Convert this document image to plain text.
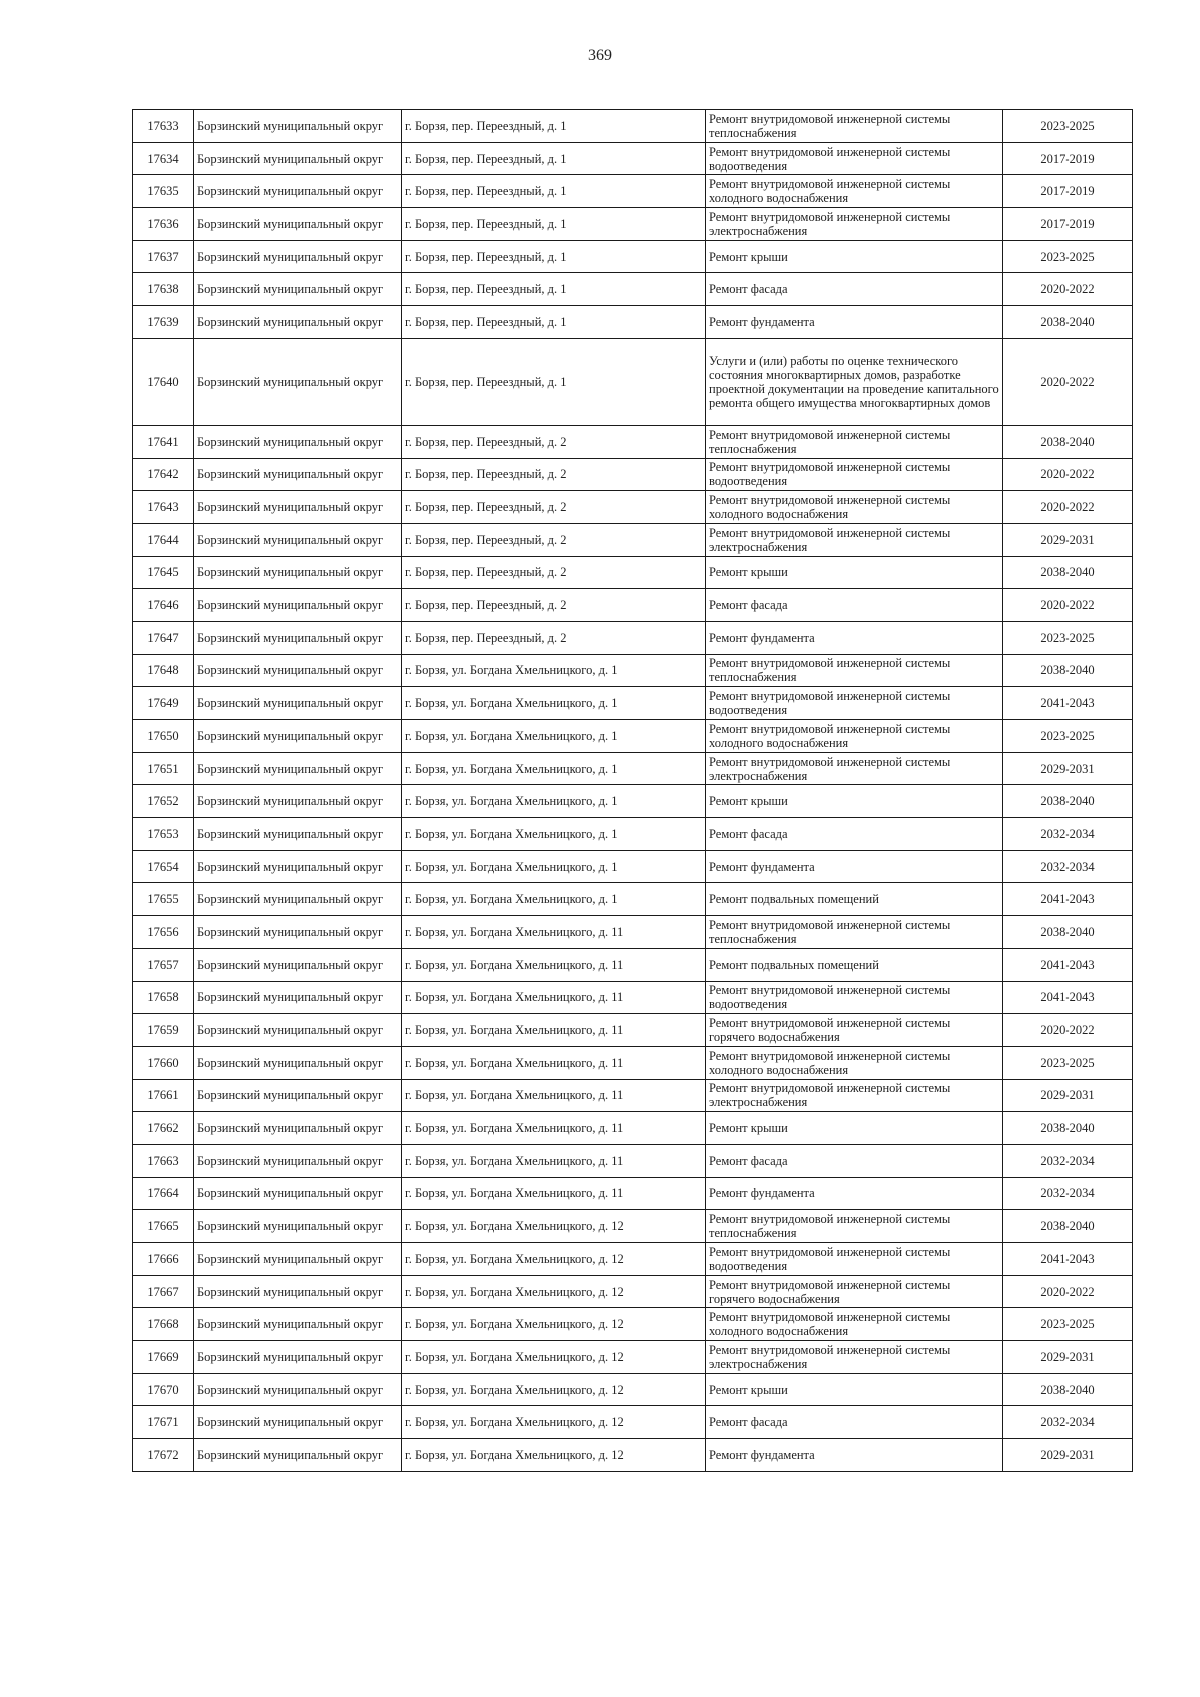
369
17633	Борзинский муниципальный округ	г. Борзя, пер. Переездный, д. 1	Ремонт внутридомовой инженерной системы теплоснабжения	2023-2025
17634	Борзинский муниципальный округ	г. Борзя, пер. Переездный, д. 1	Ремонт внутридомовой инженерной системы водоотведения	2017-2019
17635	Борзинский муниципальный округ	г. Борзя, пер. Переездный, д. 1	Ремонт внутридомовой инженерной системы холодного водоснабжения	2017-2019
17636	Борзинский муниципальный округ	г. Борзя, пер. Переездный, д. 1	Ремонт внутридомовой инженерной системы электроснабжения	2017-2019
17637	Борзинский муниципальный округ	г. Борзя, пер. Переездный, д. 1	Ремонт крыши	2023-2025
17638	Борзинский муниципальный округ	г. Борзя, пер. Переездный, д. 1	Ремонт фасада	2020-2022
17639	Борзинский муниципальный округ	г. Борзя, пер. Переездный, д. 1	Ремонт фундамента	2038-2040
17640	Борзинский муниципальный округ	г. Борзя, пер. Переездный, д. 1	Услуги и (или) работы по оценке технического состояния многоквартирных домов, разработке проектной документации на проведение капитального ремонта общего имущества многоквартирных домов	2020-2022
17641	Борзинский муниципальный округ	г. Борзя, пер. Переездный, д. 2	Ремонт внутридомовой инженерной системы теплоснабжения	2038-2040
17642	Борзинский муниципальный округ	г. Борзя, пер. Переездный, д. 2	Ремонт внутридомовой инженерной системы водоотведения	2020-2022
17643	Борзинский муниципальный округ	г. Борзя, пер. Переездный, д. 2	Ремонт внутридомовой инженерной системы холодного водоснабжения	2020-2022
17644	Борзинский муниципальный округ	г. Борзя, пер. Переездный, д. 2	Ремонт внутридомовой инженерной системы электроснабжения	2029-2031
17645	Борзинский муниципальный округ	г. Борзя, пер. Переездный, д. 2	Ремонт крыши	2038-2040
17646	Борзинский муниципальный округ	г. Борзя, пер. Переездный, д. 2	Ремонт фасада	2020-2022
17647	Борзинский муниципальный округ	г. Борзя, пер. Переездный, д. 2	Ремонт фундамента	2023-2025
17648	Борзинский муниципальный округ	г. Борзя, ул. Богдана Хмельницкого, д. 1	Ремонт внутридомовой инженерной системы теплоснабжения	2038-2040
17649	Борзинский муниципальный округ	г. Борзя, ул. Богдана Хмельницкого, д. 1	Ремонт внутридомовой инженерной системы водоотведения	2041-2043
17650	Борзинский муниципальный округ	г. Борзя, ул. Богдана Хмельницкого, д. 1	Ремонт внутридомовой инженерной системы холодного водоснабжения	2023-2025
17651	Борзинский муниципальный округ	г. Борзя, ул. Богдана Хмельницкого, д. 1	Ремонт внутридомовой инженерной системы электроснабжения	2029-2031
17652	Борзинский муниципальный округ	г. Борзя, ул. Богдана Хмельницкого, д. 1	Ремонт крыши	2038-2040
17653	Борзинский муниципальный округ	г. Борзя, ул. Богдана Хмельницкого, д. 1	Ремонт фасада	2032-2034
17654	Борзинский муниципальный округ	г. Борзя, ул. Богдана Хмельницкого, д. 1	Ремонт фундамента	2032-2034
17655	Борзинский муниципальный округ	г. Борзя, ул. Богдана Хмельницкого, д. 1	Ремонт подвальных помещений	2041-2043
17656	Борзинский муниципальный округ	г. Борзя, ул. Богдана Хмельницкого, д. 11	Ремонт внутридомовой инженерной системы теплоснабжения	2038-2040
17657	Борзинский муниципальный округ	г. Борзя, ул. Богдана Хмельницкого, д. 11	Ремонт подвальных помещений	2041-2043
17658	Борзинский муниципальный округ	г. Борзя, ул. Богдана Хмельницкого, д. 11	Ремонт внутридомовой инженерной системы водоотведения	2041-2043
17659	Борзинский муниципальный округ	г. Борзя, ул. Богдана Хмельницкого, д. 11	Ремонт внутридомовой инженерной системы горячего водоснабжения	2020-2022
17660	Борзинский муниципальный округ	г. Борзя, ул. Богдана Хмельницкого, д. 11	Ремонт внутридомовой инженерной системы холодного водоснабжения	2023-2025
17661	Борзинский муниципальный округ	г. Борзя, ул. Богдана Хмельницкого, д. 11	Ремонт внутридомовой инженерной системы электроснабжения	2029-2031
17662	Борзинский муниципальный округ	г. Борзя, ул. Богдана Хмельницкого, д. 11	Ремонт крыши	2038-2040
17663	Борзинский муниципальный округ	г. Борзя, ул. Богдана Хмельницкого, д. 11	Ремонт фасада	2032-2034
17664	Борзинский муниципальный округ	г. Борзя, ул. Богдана Хмельницкого, д. 11	Ремонт фундамента	2032-2034
17665	Борзинский муниципальный округ	г. Борзя, ул. Богдана Хмельницкого, д. 12	Ремонт внутридомовой инженерной системы теплоснабжения	2038-2040
17666	Борзинский муниципальный округ	г. Борзя, ул. Богдана Хмельницкого, д. 12	Ремонт внутридомовой инженерной системы водоотведения	2041-2043
17667	Борзинский муниципальный округ	г. Борзя, ул. Богдана Хмельницкого, д. 12	Ремонт внутридомовой инженерной системы горячего водоснабжения	2020-2022
17668	Борзинский муниципальный округ	г. Борзя, ул. Богдана Хмельницкого, д. 12	Ремонт внутридомовой инженерной системы холодного водоснабжения	2023-2025
17669	Борзинский муниципальный округ	г. Борзя, ул. Богдана Хмельницкого, д. 12	Ремонт внутридомовой инженерной системы электроснабжения	2029-2031
17670	Борзинский муниципальный округ	г. Борзя, ул. Богдана Хмельницкого, д. 12	Ремонт крыши	2038-2040
17671	Борзинский муниципальный округ	г. Борзя, ул. Богдана Хмельницкого, д. 12	Ремонт фасада	2032-2034
17672	Борзинский муниципальный округ	г. Борзя, ул. Богдана Хмельницкого, д. 12	Ремонт фундамента	2029-2031
